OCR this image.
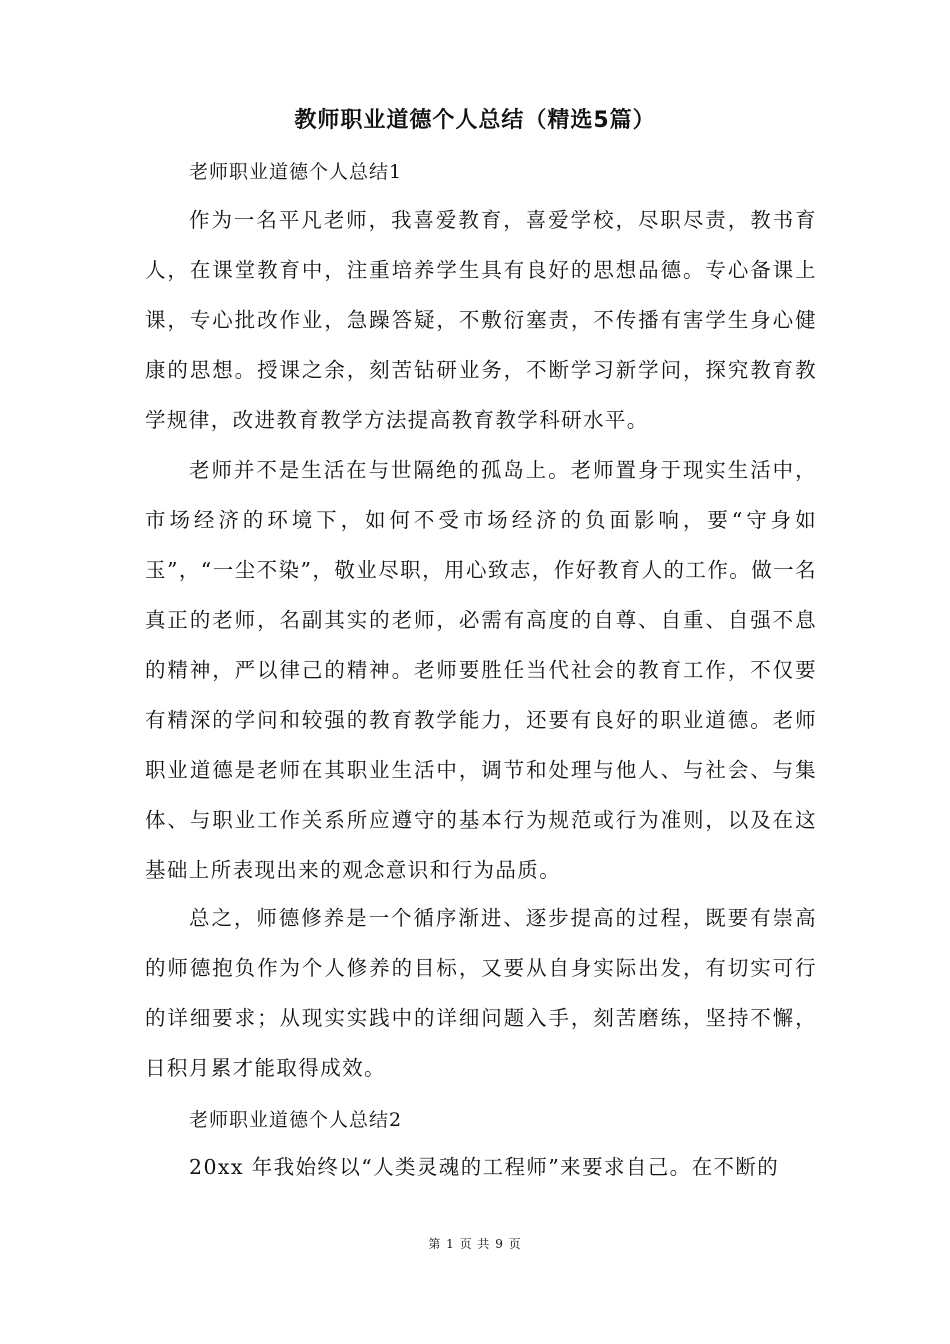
教师职业道德个人总结（精选5篇）

老师职业道德个人总结1

作为一名平凡老师，我喜爱教育，喜爱学校，尽职尽责，教书育人，在课堂教育中，注重培养学生具有良好的思想品德。专心备课上课，专心批改作业，急躁答疑，不敷衍塞责，不传播有害学生身心健康的思想。授课之余，刻苦钻研业务，不断学习新学问，探究教育教学规律，改进教育教学方法提高教育教学科研水平。

老师并不是生活在与世隔绝的孤岛上。老师置身于现实生活中，市场经济的环境下，如何不受市场经济的负面影响，要“守身如玉”，“一尘不染”，敬业尽职，用心致志，作好教育人的工作。做一名真正的老师，名副其实的老师，必需有高度的自尊、自重、自强不息的精神，严以律己的精神。老师要胜任当代社会的教育工作，不仅要有精深的学问和较强的教育教学能力，还要有良好的职业道德。老师职业道德是老师在其职业生活中，调节和处理与他人、与社会、与集体、与职业工作关系所应遵守的基本行为规范或行为准则，以及在这基础上所表现出来的观念意识和行为品质。

总之，师德修养是一个循序渐进、逐步提高的过程，既要有崇高的师德抱负作为个人修养的目标，又要从自身实际出发，有切实可行的详细要求；从现实实践中的详细问题入手，刻苦磨练，坚持不懈，日积月累才能取得成效。

老师职业道德个人总结2

20xx 年我始终以“人类灵魂的工程师”来要求自己。在不断的

第 1 页 共 9 页
